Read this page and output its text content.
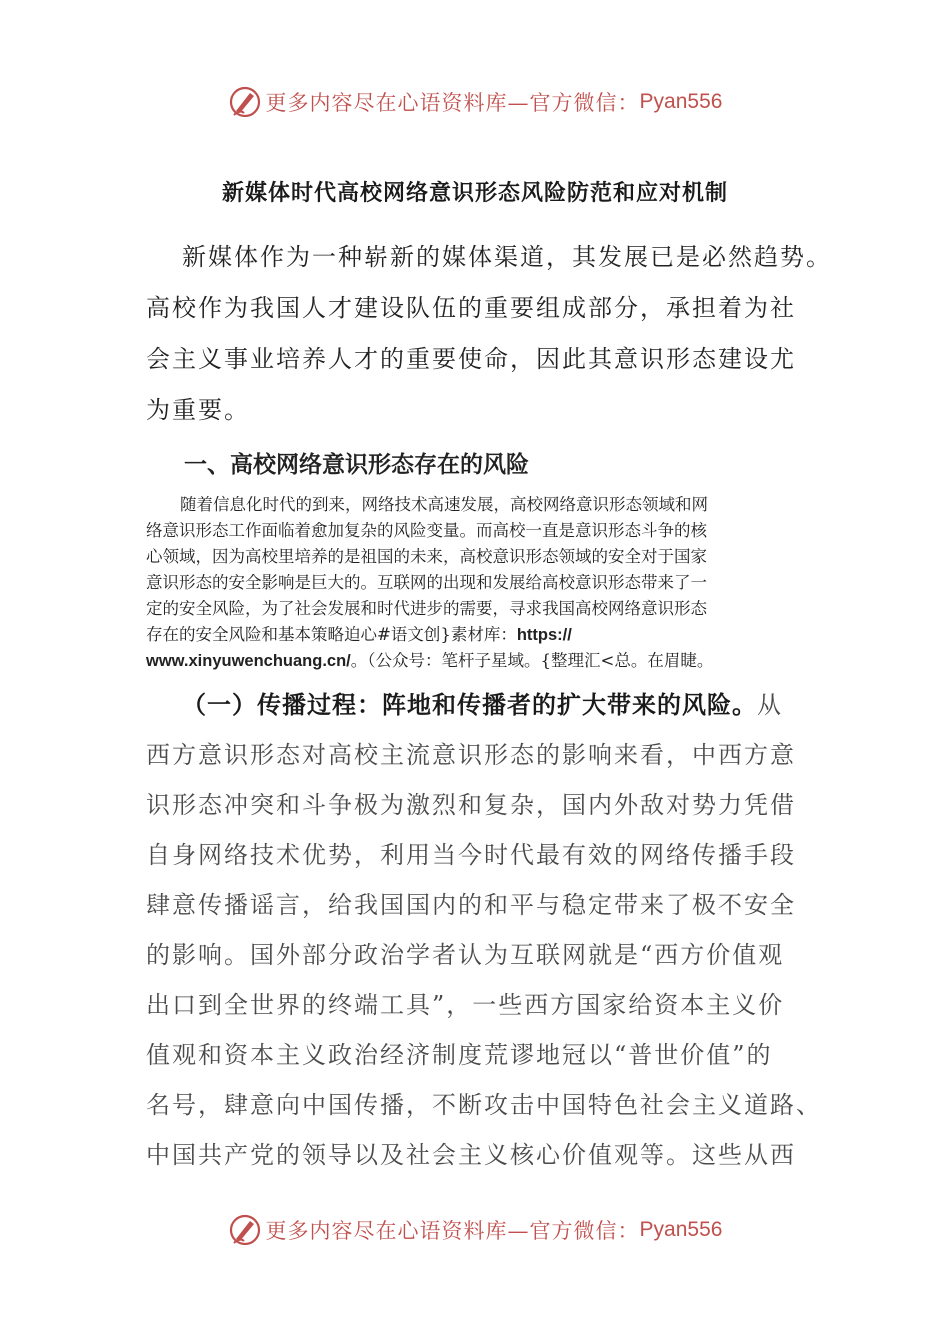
更多内容尽在心语资料库—官方微信： Pyan556
新媒体时代高校网络意识形态风险防范和应对机制
新媒体作为一种崭新的媒体渠道，其发展已是必然趋势。
高校作为我国人才建设队伍的重要组成部分，承担着为社
会主义事业培养人才的重要使命，因此其意识形态建设尤
为重要。
一、高校网络意识形态存在的风险
随着信息化时代的到来，网络技术高速发展，高校网络意识形态领域和网
络意识形态工作面临着愈加复杂的风险变量。而高校一直是意识形态斗争的核
心领域，因为高校里培养的是祖国的未来，高校意识形态领域的安全对于国家
意识形态的安全影响是巨大的。互联网的出现和发展给高校意识形态带来了一
定的安全风险，为了社会发展和时代进步的需要，寻求我国高校网络意识形态
存在的安全风险和基本策略迫心#语文创}素材库：https://
www.xinyuwenchuang.cn/。（公众号：笔杆子星域。{整理汇<总。在眉睫。
（一）传播过程：阵地和传播者的扩大带来的风险。从
西方意识形态对高校主流意识形态的影响来看，中西方意
识形态冲突和斗争极为激烈和复杂，国内外敌对势力凭借
自身网络技术优势，利用当今时代最有效的网络传播手段
肆意传播谣言，给我国国内的和平与稳定带来了极不安全
的影响。国外部分政治学者认为互联网就是“西方价值观
出口到全世界的终端工具”，一些西方国家给资本主义价
值观和资本主义政治经济制度荒谬地冠以“普世价值”的
名号，肆意向中国传播，不断攻击中国特色社会主义道路、
中国共产党的领导以及社会主义核心价值观等。这些从西
更多内容尽在心语资料库—官方微信： Pyan556
